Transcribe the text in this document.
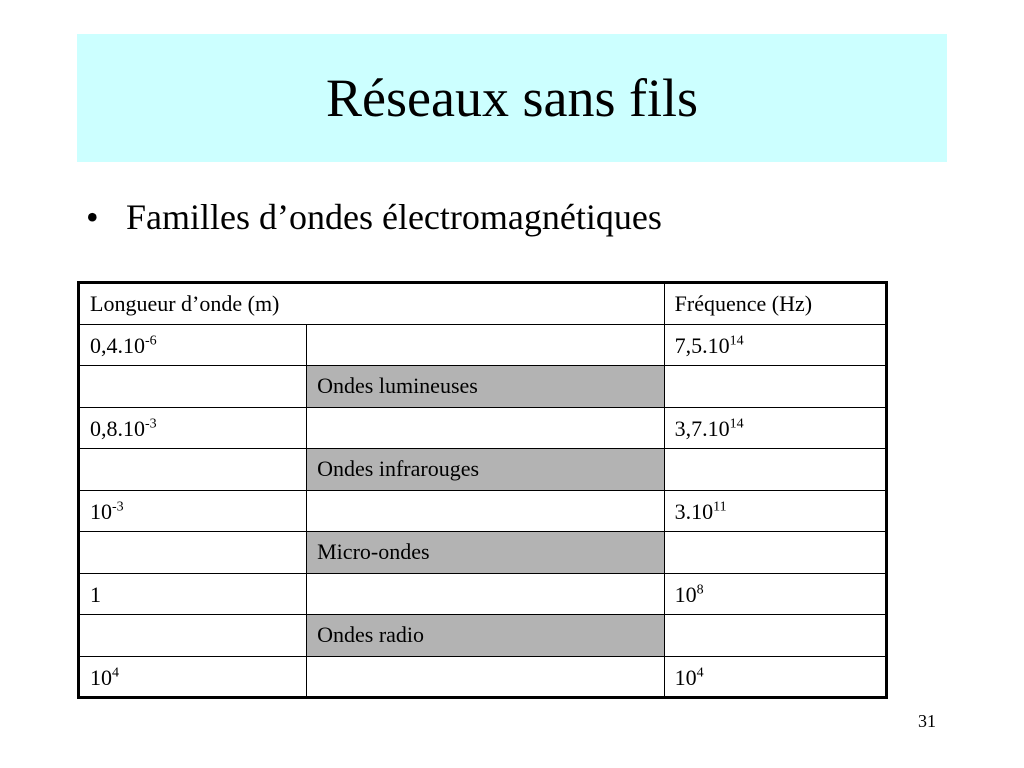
Réseaux sans fils
• Familles d’ondes électromagnétiques
Longueur d’onde (m)		Fréquence (Hz)
$0,4.10^{-6}$		7,5.10$^{14}$
	Ondes lumineuses	
$0,8.10^{-3}$		3,7.10$^{14}$
	Ondes infrarouges	
$10^{-3}$		3.10$^{11}$
	Micro-ondes	
1		$10^8$
	Ondes radio	
$10^4$		$10^4$
31
